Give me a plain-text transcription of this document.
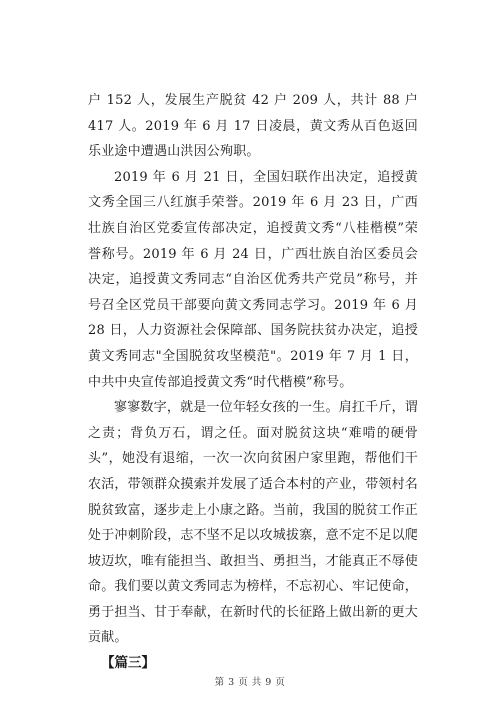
户 152 人，发展生产脱贫 42 户 209 人，共计 88 户 417 人。2019 年 6 月 17 日凌晨，黄文秀从百色返回乐业途中遭遇山洪因公殉职。

2019 年 6 月 21 日，全国妇联作出决定，追授黄文秀全国三八红旗手荣誉。2019 年 6 月 23 日，广西壮族自治区党委宣传部决定，追授黄文秀“八桂楷模”荣誉称号。2019 年 6 月 24 日，广西壮族自治区委员会决定，追授黄文秀同志“自治区优秀共产党员”称号，并号召全区党员干部要向黄文秀同志学习。2019 年 6 月 28 日，人力资源社会保障部、国务院扶贫办决定，追授黄文秀同志"全国脱贫攻坚模范"。2019 年 7 月 1 日，中共中央宣传部追授黄文秀“时代楷模”称号。

寥寥数字，就是一位年轻女孩的一生。肩扛千斤，谓之责；背负万石，谓之任。面对脱贫这块“难啃的硬骨头”，她没有退缩，一次一次向贫困户家里跑，帮他们干农活，带领群众摸索并发展了适合本村的产业，带领村名脱贫致富，逐步走上小康之路。当前，我国的脱贫工作正处于冲刺阶段，志不坚不足以攻城拔寨，意不定不足以爬坡迈坎，唯有能担当、敢担当、勇担当，才能真正不辱使命。我们要以黄文秀同志为榜样，不忘初心、牢记使命，勇于担当、甘于奉献，在新时代的长征路上做出新的更大贡献。

【篇三】

第 3 页 共 9 页
